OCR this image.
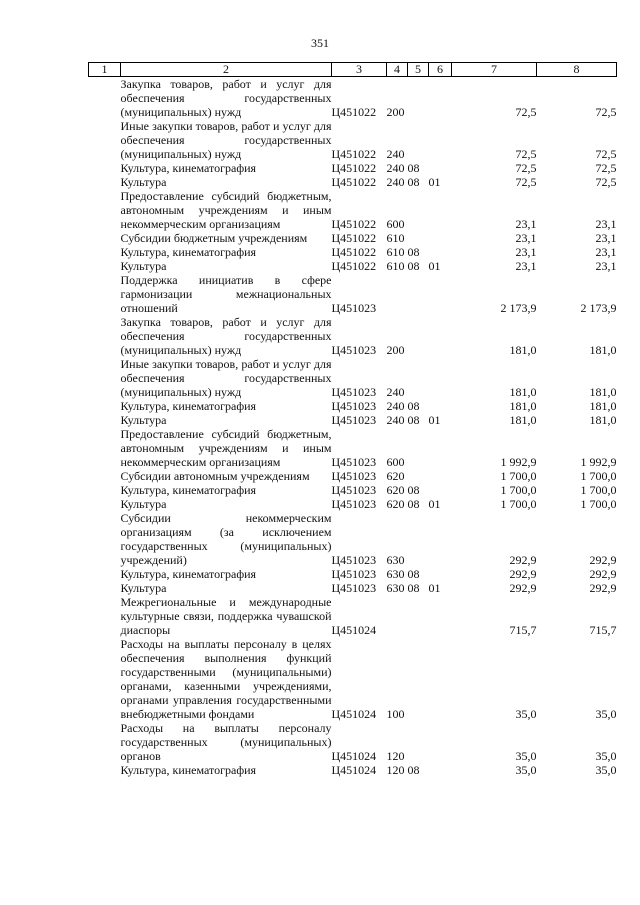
351
1	2	3	4	5	6	7	8
	Закупка товаров, работ и услуг для обеспечения государственных (муниципальных) нужд	Ц451022	200			72,5	72,5
	Иные закупки товаров, работ и услуг для обеспечения государственных (муниципальных) нужд	Ц451022	240			72,5	72,5
	Культура, кинематография	Ц451022	240	08		72,5	72,5
	Культура	Ц451022	240	08	01	72,5	72,5
	Предоставление субсидий бюджетным, автономным учреждениям и иным некоммерческим организациям	Ц451022	600			23,1	23,1
	Субсидии бюджетным учреждениям	Ц451022	610			23,1	23,1
	Культура, кинематография	Ц451022	610	08		23,1	23,1
	Культура	Ц451022	610	08	01	23,1	23,1
	Поддержка инициатив в сфере гармонизации межнациональных отношений	Ц451023				2 173,9	2 173,9
	Закупка товаров, работ и услуг для обеспечения государственных (муниципальных) нужд	Ц451023	200			181,0	181,0
	Иные закупки товаров, работ и услуг для обеспечения государственных (муниципальных) нужд	Ц451023	240			181,0	181,0
	Культура, кинематография	Ц451023	240	08		181,0	181,0
	Культура	Ц451023	240	08	01	181,0	181,0
	Предоставление субсидий бюджетным, автономным учреждениям и иным некоммерческим организациям	Ц451023	600			1 992,9	1 992,9
	Субсидии автономным учреждениям	Ц451023	620			1 700,0	1 700,0
	Культура, кинематография	Ц451023	620	08		1 700,0	1 700,0
	Культура	Ц451023	620	08	01	1 700,0	1 700,0
	Субсидии некоммерческим организациям (за исключением государственных (муниципальных) учреждений)	Ц451023	630			292,9	292,9
	Культура, кинематография	Ц451023	630	08		292,9	292,9
	Культура	Ц451023	630	08	01	292,9	292,9
	Межрегиональные и международные культурные связи, поддержка чувашской диаспоры	Ц451024				715,7	715,7
	Расходы на выплаты персоналу в целях обеспечения выполнения функций государственными (муниципальными) органами, казенными учреждениями, органами управления государственными внебюджетными фондами	Ц451024	100			35,0	35,0
	Расходы на выплаты персоналу государственных (муниципальных) органов	Ц451024	120			35,0	35,0
	Культура, кинематография	Ц451024	120	08		35,0	35,0
